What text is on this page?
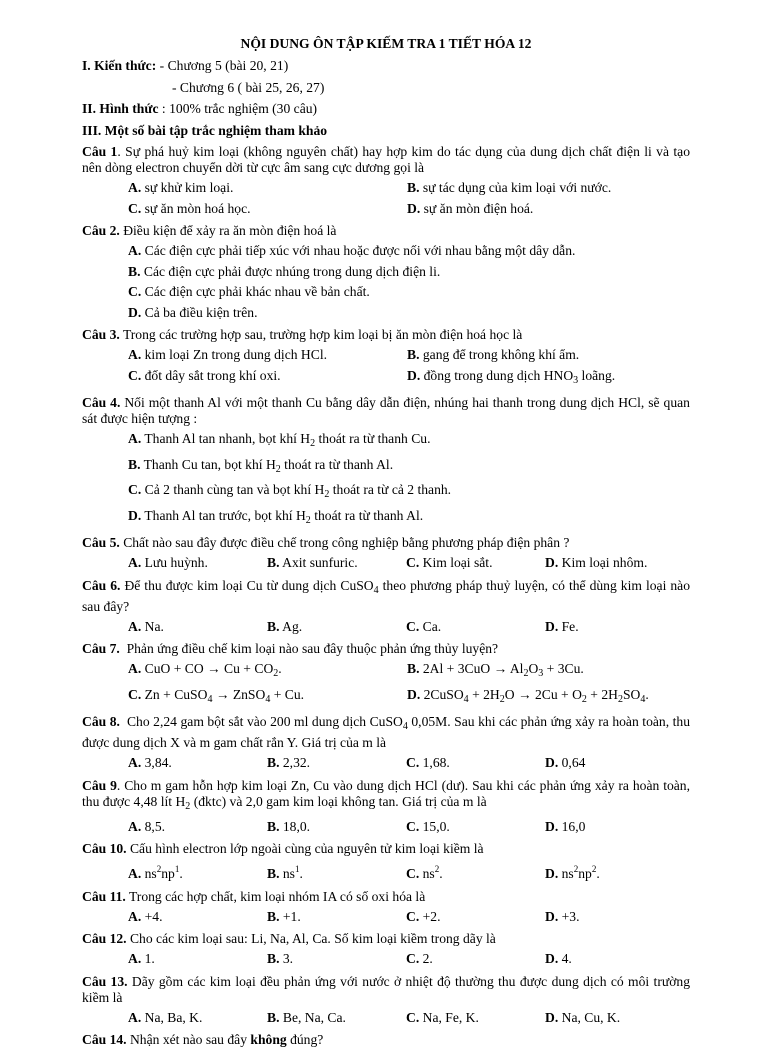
NỘI DUNG ÔN TẬP KIẾM TRA 1 TIẾT HÓA 12
I. Kiến thức: - Chương 5 (bài 20, 21)
- Chương 6 ( bài 25, 26, 27)
II. Hình thức : 100% trắc nghiệm (30 câu)
III. Một số bài tập trắc nghiệm tham khảo
Câu 1. Sự phá huỷ kim loại (không nguyên chất) hay hợp kim do tác dụng của dung dịch chất điện li và tạo nên dòng electron chuyển dời từ cực âm sang cực dương gọi là
A. sự khử kim loại.	B. sự tác dụng của kim loại với nước.
C. sự ăn mòn hoá học.	D. sự ăn mòn điện hoá.
Câu 2. Điều kiện để xảy ra ăn mòn điện hoá là
A. Các điện cực phải tiếp xúc với nhau hoặc được nối với nhau bằng một dây dẫn.
B. Các điện cực phải được nhúng trong dung dịch điện li.
C. Các điện cực phải khác nhau về bản chất.
D. Cả ba điều kiện trên.
Câu 3. Trong các trường hợp sau, trường hợp kim loại bị ăn mòn điện hoá học là
A. kim loại Zn trong dung dịch HCl.	B. gang để trong không khí ẩm.
C. đốt dây sắt trong khí oxi.	D. đồng trong dung dịch $HNO_3$ loãng.
Câu 4. Nối một thanh Al với một thanh Cu bằng dây dẫn điện, nhúng hai thanh trong dung dịch HCl, sẽ quan sát được hiện tượng :
A. Thanh Al tan nhanh, bọt khí $H_2$ thoát ra từ thanh Cu.
B. Thanh Cu tan, bọt khí $H_2$ thoát ra từ thanh Al.
C. Cả 2 thanh cùng tan và bọt khí $H_2$ thoát ra từ cả 2 thanh.
D. Thanh Al tan trước, bọt khí $H_2$ thoát ra từ thanh Al.
Câu 5. Chất nào sau đây được điều chế trong công nghiệp bằng phương pháp điện phân ?
A. Lưu huỳnh.	B. Axit sunfuric.	C. Kim loại sắt.	D. Kim loại nhôm.
Câu 6. Để thu được kim loại Cu từ dung dịch CuSO$_4$ theo phương pháp thuỷ luyện, có thể dùng kim loại nào sau đây?
A. Na.	B. Ag.	C. Ca.	D. Fe.
Câu 7. Phản ứng điều chế kim loại nào sau đây thuộc phản ứng thủy luyện?
A. CuO + CO → $Cu + CO_2$.	B. $2Al + 3CuO \to Al_2O_3 + 3Cu$.
C. Zn + CuSO$_4$ → ZnSO$_4$ + Cu.	D. 2CuSO$_4$ + $2H_2O \to 2Cu + O_2 + 2H_2SO_4$.
Câu 8. Cho 2,24 gam bột sắt vào 200 ml dung dịch CuSO$_4$ 0,05M. Sau khi các phản ứng xảy ra hoàn toàn, thu được dung dịch X và m gam chất rắn Y. Giá trị của m là
A. 3,84.	B. 2,32.	C. 1,68.	D. 0,64
Câu 9. Cho m gam hỗn hợp kim loại Zn, Cu vào dung dịch HCl (dư). Sau khi các phản ứng xảy ra hoàn toàn, thu được 4,48 lít $H_2$ (đktc) và 2,0 gam kim loại không tan. Giá trị của m là
A. 8,5.	B. 18,0.	C. 15,0.	D. 16,0
Câu 10. Cấu hình electron lớp ngoài cùng của nguyên tử kim loại kiềm là
A. $ns^2np^1$.	B. $ns^1$.	C. $ns^2$.	D. $ns^2np^2$.
Câu 11. Trong các hợp chất, kim loại nhóm IA có số oxi hóa là
A. +4.	B. +1.	C. +2.	D. +3.
Câu 12. Cho các kim loại sau: Li, Na, Al, Ca. Số kim loại kiềm trong dãy là
A. 1.	B. 3.	C. 2.	D. 4.
Câu 13. Dãy gồm các kim loại đều phản ứng với nước ở nhiệt độ thường thu được dung dịch có môi trường kiềm là
A. Na, Ba, K.	B. Be, Na, Ca.	C. Na, Fe, K.	D. Na, Cu, K.
Câu 14. Nhận xét nào sau đây không đúng?
